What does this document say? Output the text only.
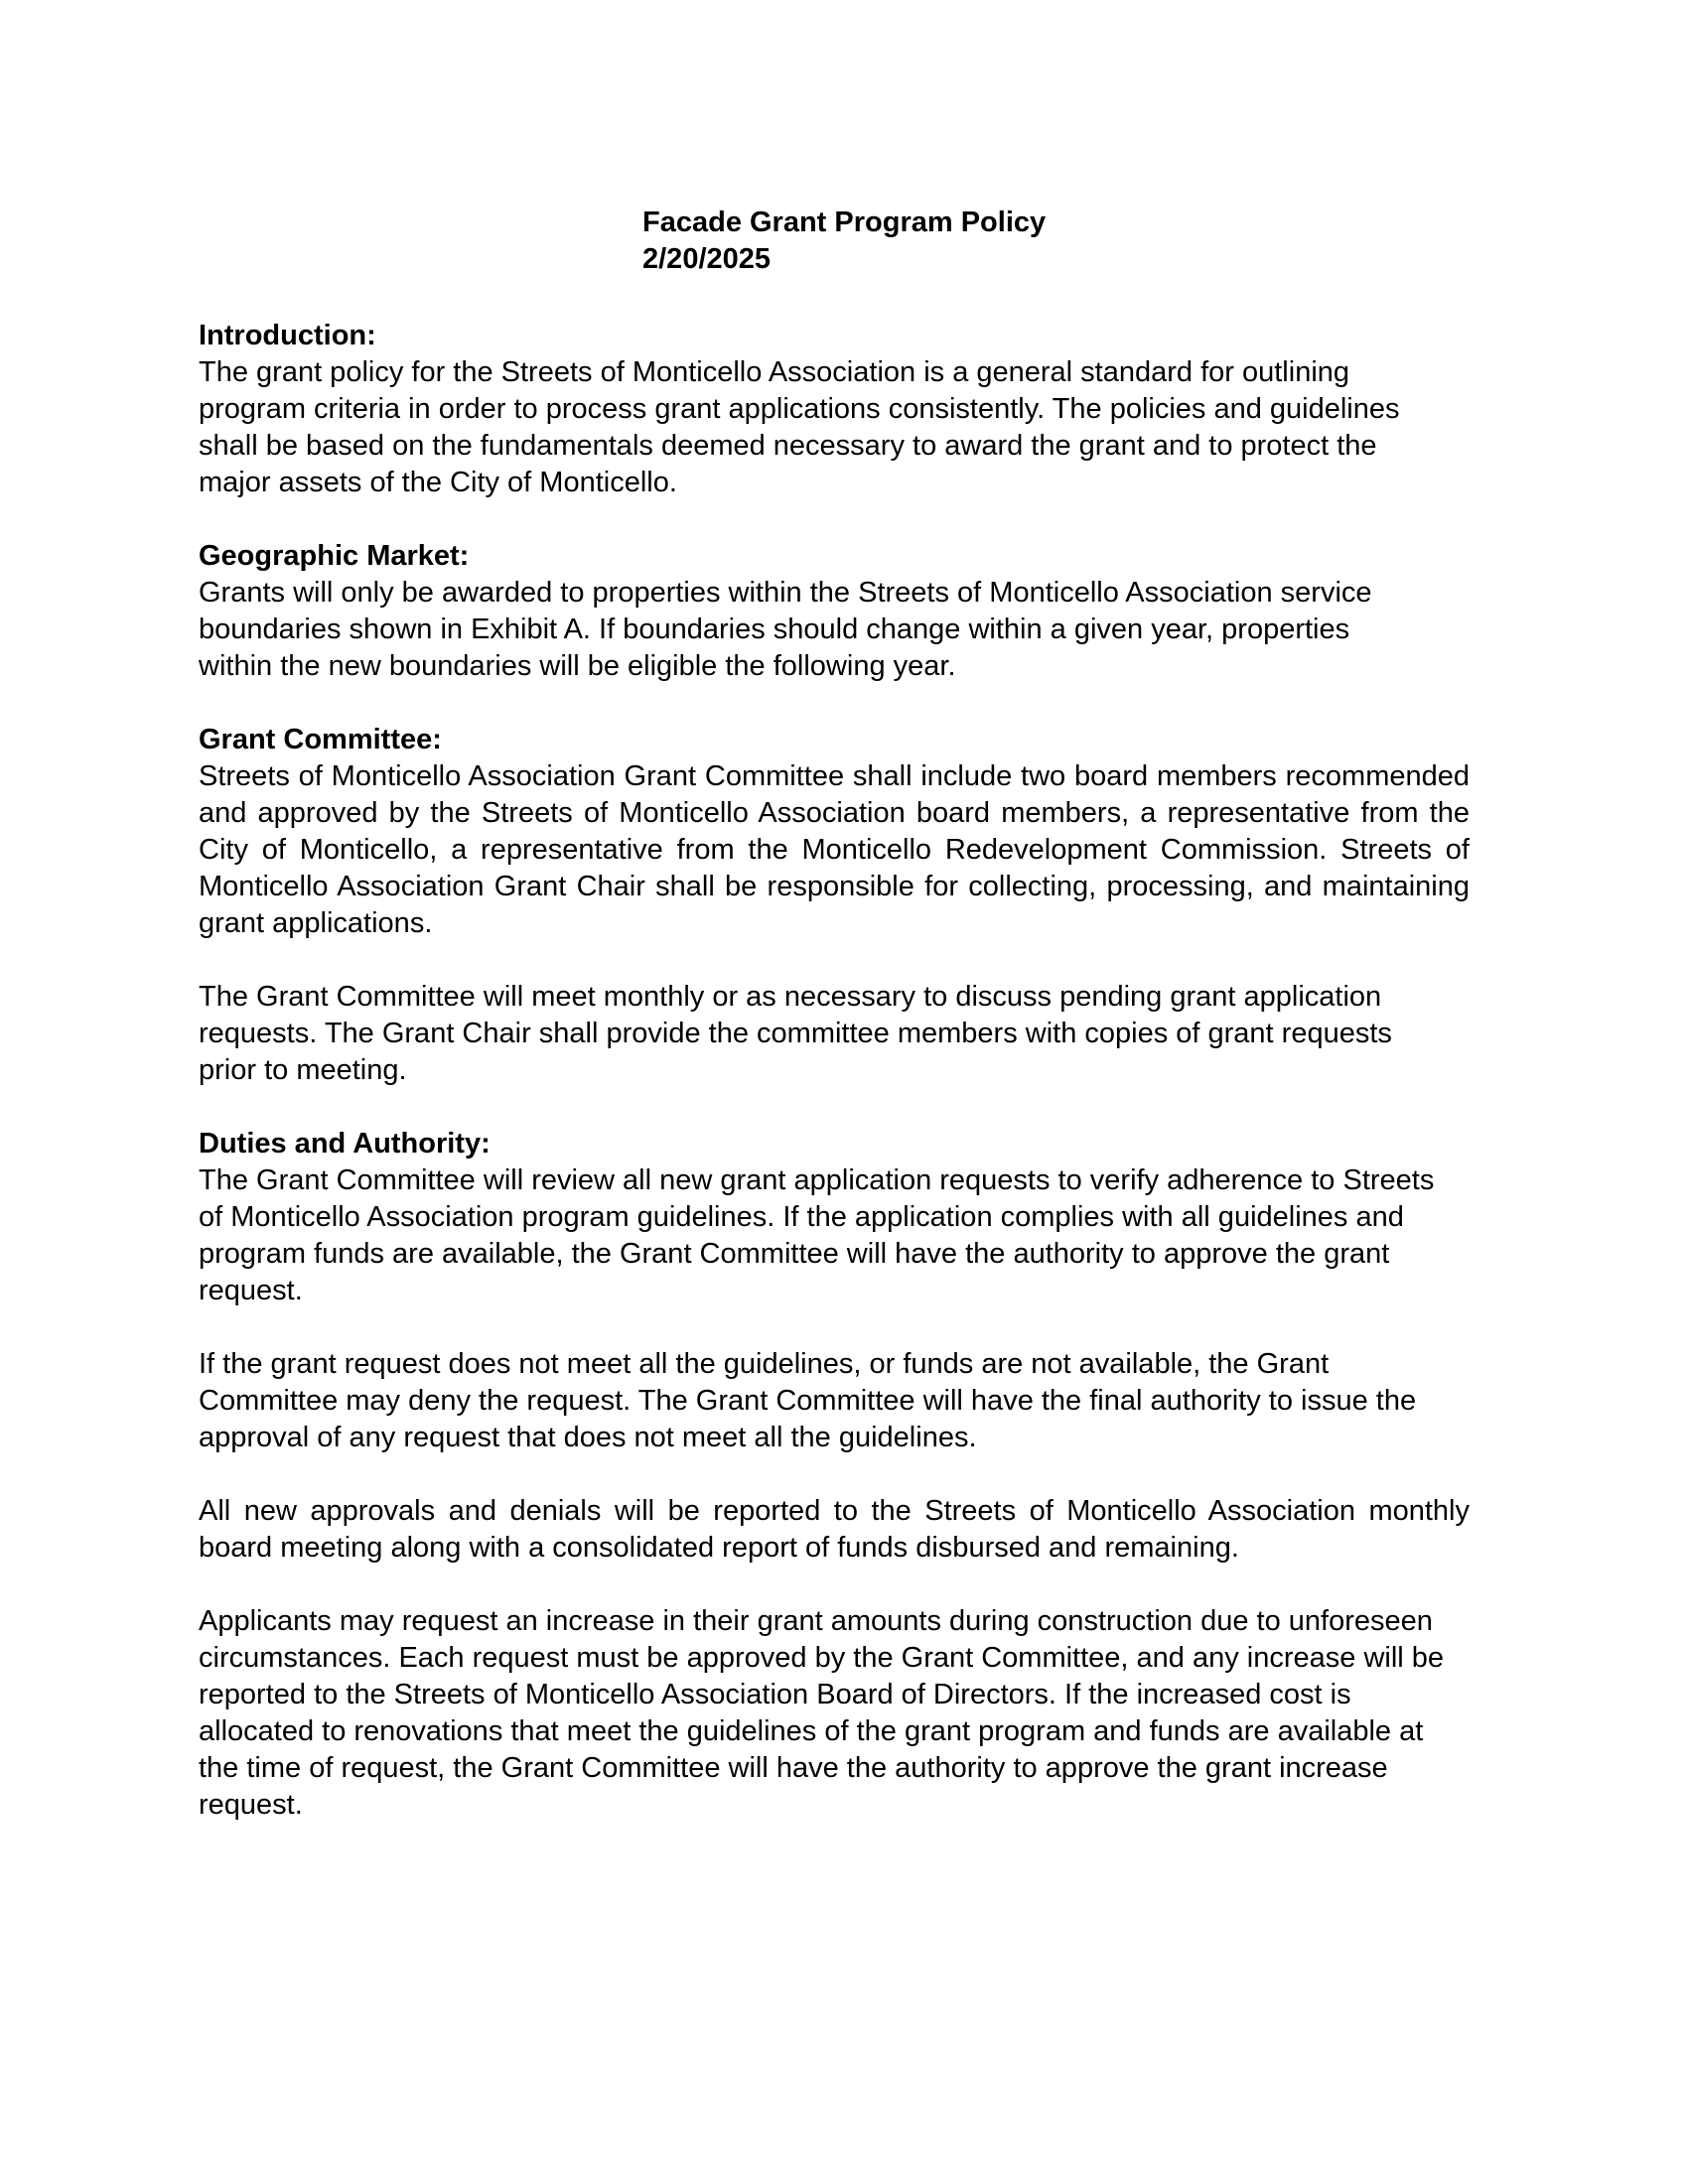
Facade Grant Program Policy
2/20/2025
Introduction:
The grant policy for the Streets of Monticello Association is a general standard for outlining
program criteria in order to process grant applications consistently. The policies and guidelines
shall be based on the fundamentals deemed necessary to award the grant and to protect the
major assets of the City of Monticello.
Geographic Market:
Grants will only be awarded to properties within the Streets of Monticello Association service
boundaries shown in Exhibit A. If boundaries should change within a given year, properties
within the new boundaries will be eligible the following year.
Grant Committee:
Streets of Monticello Association Grant Committee shall include two board members recommended
and approved by the Streets of Monticello Association board members, a representative from the
City of Monticello, a representative from the Monticello Redevelopment Commission. Streets of
Monticello Association Grant Chair shall be responsible for collecting, processing, and maintaining
grant applications.
The Grant Committee will meet monthly or as necessary to discuss pending grant application
requests. The Grant Chair shall provide the committee members with copies of grant requests
prior to meeting.
Duties and Authority:
The Grant Committee will review all new grant application requests to verify adherence to Streets
of Monticello Association program guidelines. If the application complies with all guidelines and
program funds are available, the Grant Committee will have the authority to approve the grant
request.
If the grant request does not meet all the guidelines, or funds are not available, the Grant
Committee may deny the request. The Grant Committee will have the final authority to issue the
approval of any request that does not meet all the guidelines.
All new approvals and denials will be reported to the Streets of Monticello Association monthly
board meeting along with a consolidated report of funds disbursed and remaining.
Applicants may request an increase in their grant amounts during construction due to unforeseen
circumstances. Each request must be approved by the Grant Committee, and any increase will be
reported to the Streets of Monticello Association Board of Directors. If the increased cost is
allocated to renovations that meet the guidelines of the grant program and funds are available at
the time of request, the Grant Committee will have the authority to approve the grant increase
request.
